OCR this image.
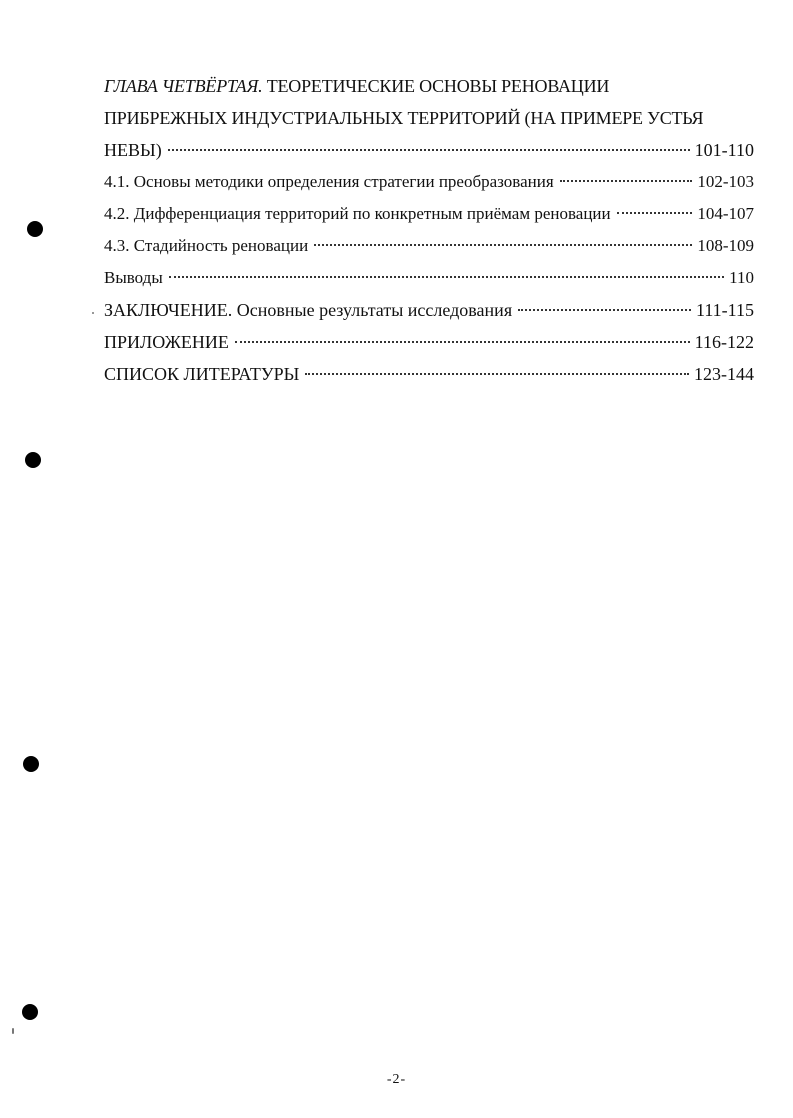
ГЛАВА ЧЕТВЁРТАЯ. ТЕОРЕТИЧЕСКИЕ ОСНОВЫ РЕНОВАЦИИ
ПРИБРЕЖНЫХ ИНДУСТРИАЛЬНЫХ ТЕРРИТОРИЙ (НА ПРИМЕРЕ УСТЬЯ
НЕВЫ)	101-110
4.1. Основы методики определения стратегии преобразования	102-103
4.2. Дифференциация территорий по конкретным приёмам реновации	104-107
4.3. Стадийность реновации	108-109
Выводы	110
ЗАКЛЮЧЕНИЕ. Основные результаты исследования	111-115
ПРИЛОЖЕНИЕ	116-122
СПИСОК ЛИТЕРАТУРЫ	123-144
-2-
